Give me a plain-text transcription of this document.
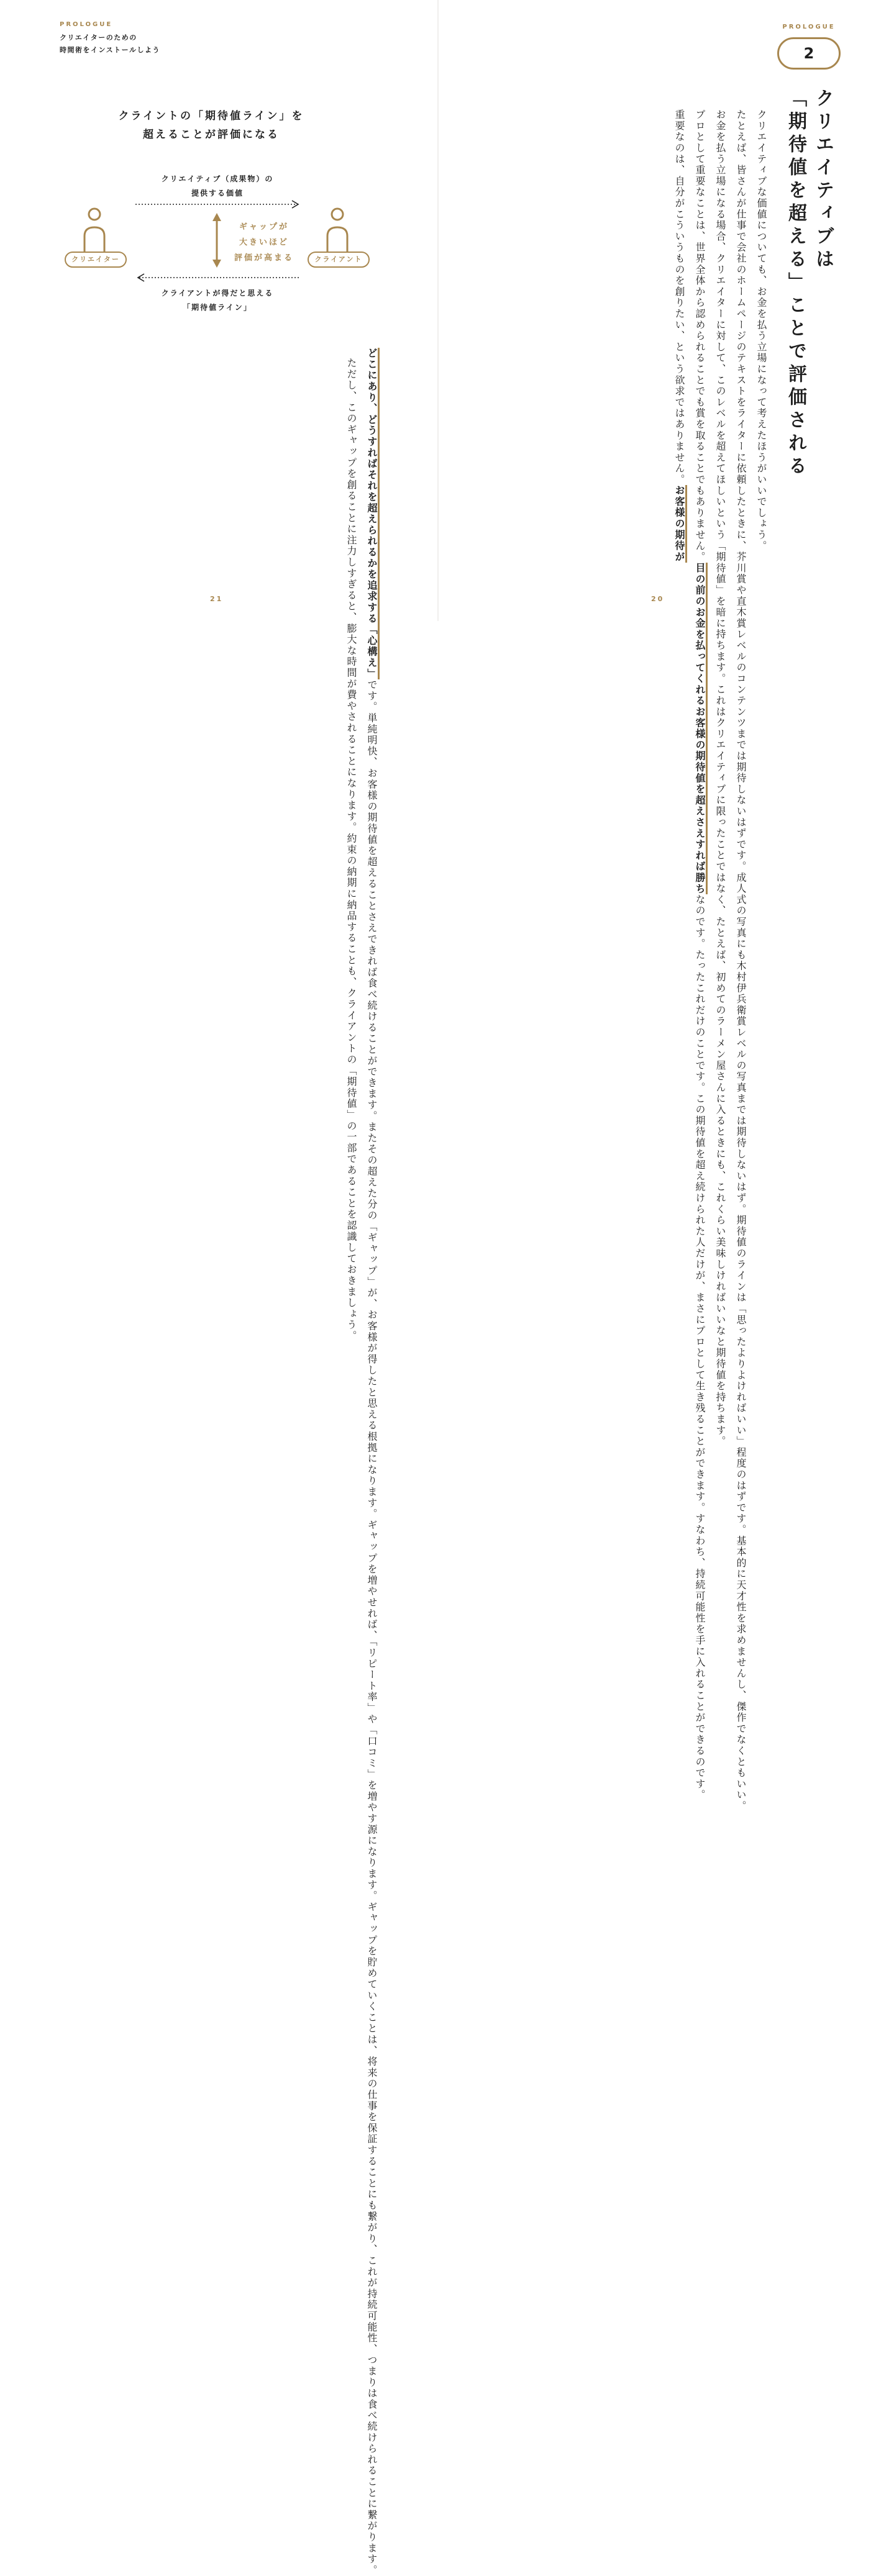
PROLOGUE
クリエイターのための
時間術をインストールしよう
クライントの「期待値ライン」を
超えることが評価になる
クリエイティブ（成果物）の
提供する価値
クリエイター	クライアント
ギャップが
大きいほど
評価が高まる
クライアントが得だと思える
「期待値ライン」

どこにあり、どうすればそれを超えられるかを追求する「心構え」です。単純明快、お客様の期待値を超えることさえできれば食べ続けることができます。またその超えた分の「ギャップ」が、お客様が得したと思える根拠になります。ギャップを増やせれば、「リピート率」や「口コミ」を増やす源になります。ギャップを貯めていくことは、将来の仕事を保証することにも繋がり、これが持続可能性、つまりは食べ続けられることに繋がります。

ただし、このギャップを創ることに注力しすぎると、膨大な時間が費やされることになります。約束の納期に納品することも、クライアントの「期待値」の一部であることを認識しておきましょう。

21
PROLOGUE
2
クリエイティブは
「期待値を超える」ことで評価される

クリエイティブな価値についても、お金を払う立場になって考えたほうがいいでしょう。

たとえば、皆さんが仕事で会社のホームページのテキストをライターに依頼したときに、芥川賞や直木賞レベルのコンテンツまでは期待しないはずです。成人式の写真にも木村伊兵衛賞レベルの写真までは期待しないはず。期待値のラインは「思ったよりよければいい」程度のはずです。基本的に天才性を求めませんし、傑作でなくともいい。

お金を払う立場になる場合、クリエイターに対して、このレベルを超えてほしいという「期待値」を暗に持ちます。これはクリエイティブに限ったことではなく、たとえば、初めてのラーメン屋さんに入るときにも、これくらい美味しければいいなと期待値を持ちます。

プロとして重要なことは、世界全体から認められることでも賞を取ることでもありません。目の前のお金を払ってくれるお客様の期待値を超えさえすれば勝ちなのです。たったこれだけのことです。この期待値を超え続けられた人だけが、まさにプロとして生き残ることができます。すなわち、持続可能性を手に入れることができるのです。

重要なのは、自分がこういうものを創りたい、という欲求ではありません。お客様の期待が

20
